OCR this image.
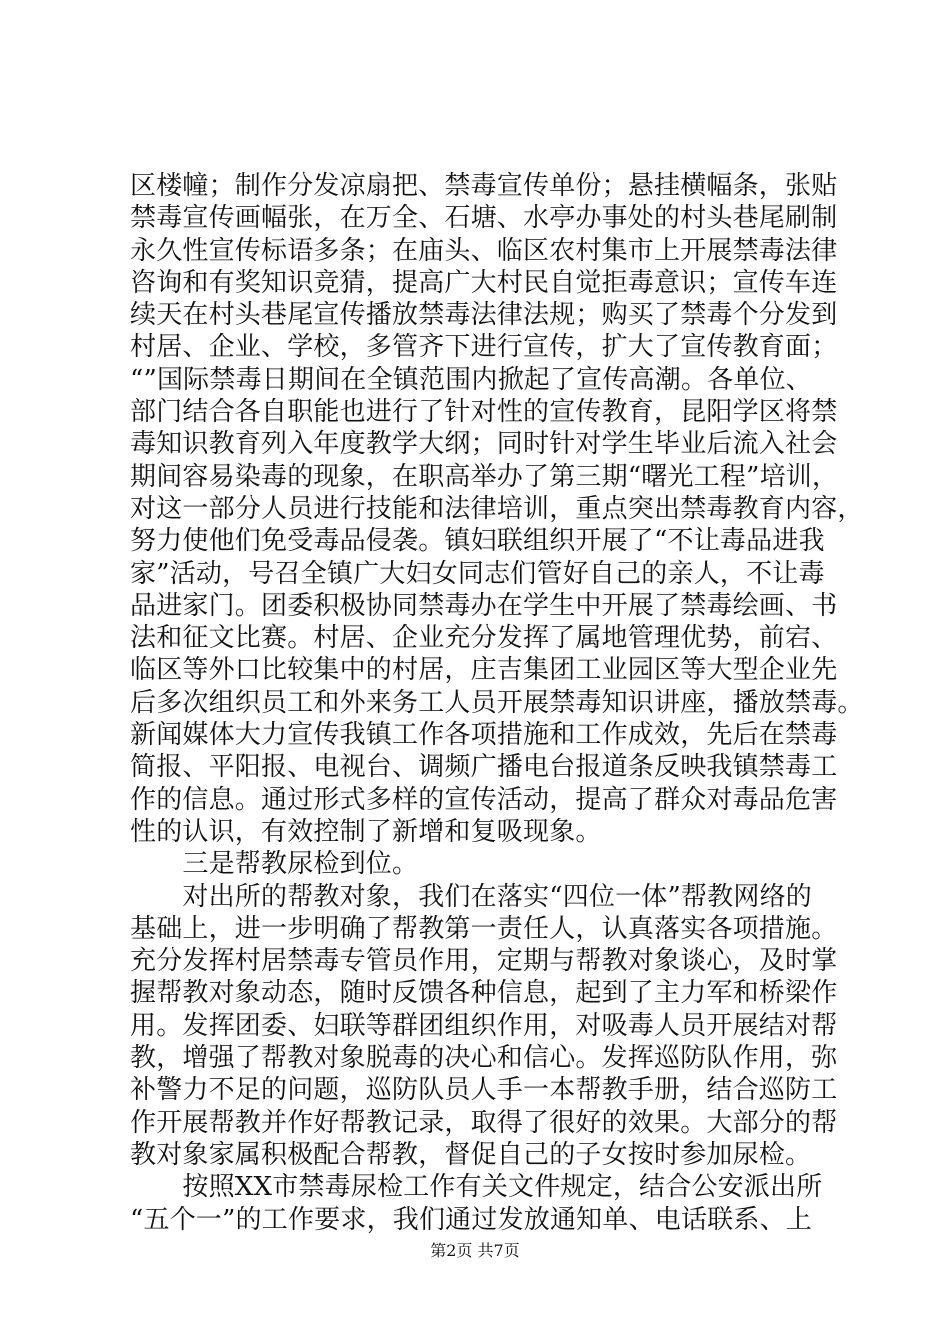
区楼幢；制作分发凉扇把、禁毒宣传单份；悬挂横幅条，张贴
禁毒宣传画幅张，在万全、石塘、水亭办事处的村头巷尾刷制
永久性宣传标语多条；在庙头、临区农村集市上开展禁毒法律
咨询和有奖知识竞猜，提高广大村民自觉拒毒意识；宣传车连
续天在村头巷尾宣传播放禁毒法律法规；购买了禁毒个分发到
村居、企业、学校，多管齐下进行宣传，扩大了宣传教育面；
“”国际禁毒日期间在全镇范围内掀起了宣传高潮。各单位、
部门结合各自职能也进行了针对性的宣传教育，昆阳学区将禁
毒知识教育列入年度教学大纲；同时针对学生毕业后流入社会
期间容易染毒的现象，在职高举办了第三期“曙光工程”培训，
对这一部分人员进行技能和法律培训，重点突出禁毒教育内容，
努力使他们免受毒品侵袭。镇妇联组织开展了“不让毒品进我
家”活动，号召全镇广大妇女同志们管好自己的亲人，不让毒
品进家门。团委积极协同禁毒办在学生中开展了禁毒绘画、书
法和征文比赛。村居、企业充分发挥了属地管理优势，前宕、
临区等外口比较集中的村居，庄吉集团工业园区等大型企业先
后多次组织员工和外来务工人员开展禁毒知识讲座，播放禁毒。
新闻媒体大力宣传我镇工作各项措施和工作成效，先后在禁毒
简报、平阳报、电视台、调频广播电台报道条反映我镇禁毒工
作的信息。通过形式多样的宣传活动，提高了群众对毒品危害
性的认识，有效控制了新增和复吸现象。
　　三是帮教尿检到位。
　　对出所的帮教对象，我们在落实“四位一体”帮教网络的
基础上，进一步明确了帮教第一责任人，认真落实各项措施。
充分发挥村居禁毒专管员作用，定期与帮教对象谈心，及时掌
握帮教对象动态，随时反馈各种信息，起到了主力军和桥梁作
用。发挥团委、妇联等群团组织作用，对吸毒人员开展结对帮
教，增强了帮教对象脱毒的决心和信心。发挥巡防队作用，弥
补警力不足的问题，巡防队员人手一本帮教手册，结合巡防工
作开展帮教并作好帮教记录，取得了很好的效果。大部分的帮
教对象家属积极配合帮教，督促自己的子女按时参加尿检。
　　按照XX市禁毒尿检工作有关文件规定，结合公安派出所
“五个一”的工作要求，我们通过发放通知单、电话联系、上
第2页 共7页
